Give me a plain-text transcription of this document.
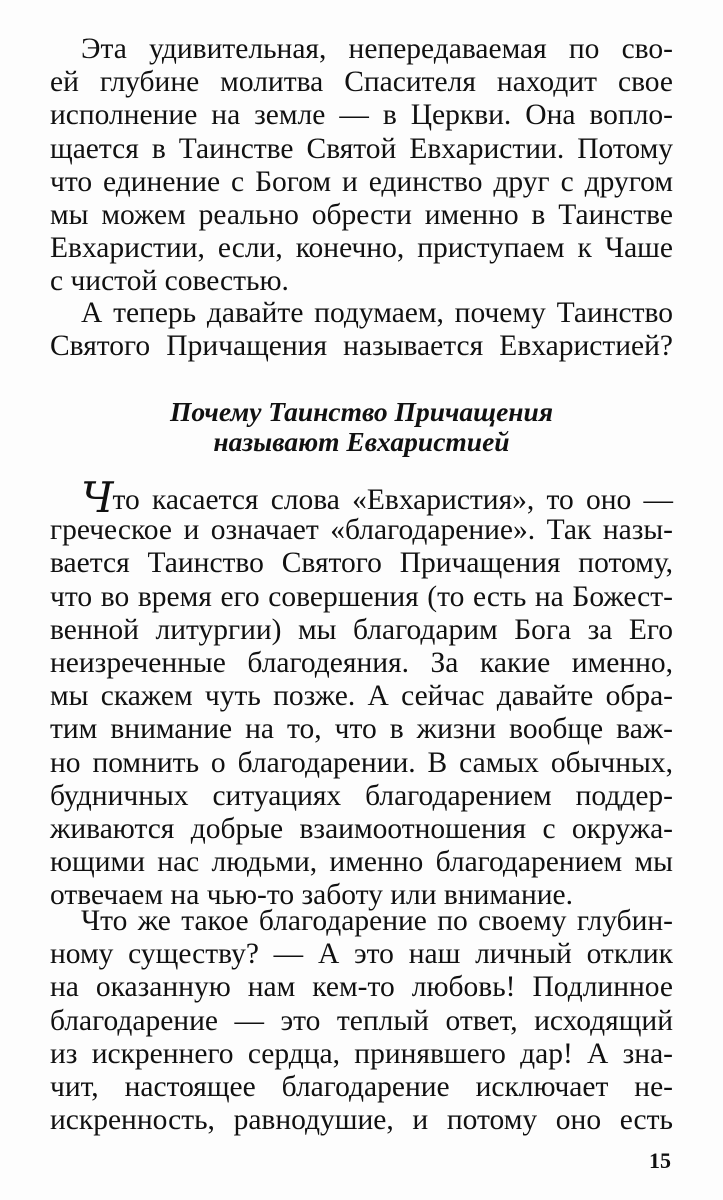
Эта удивительная, непередаваемая по сво-
ей глубине молитва Спасителя находит свое
исполнение на земле — в Церкви. Она вопло-
щается в Таинстве Святой Евхаристии. Потому
что единение с Богом и единство друг с другом
мы можем реально обрести именно в Таинстве
Евхаристии, если, конечно, приступаем к Чаше
с чистой совестью.
А теперь давайте подумаем, почему Таинство
Святого Причащения называется Евхаристией?
Почему Таинство Причащения
называют Евхаристией
Что касается слова «Евхаристия», то оно —
греческое и означает «благодарение». Так назы-
вается Таинство Святого Причащения потому,
что во время его совершения (то есть на Божест-
венной литургии) мы благодарим Бога за Его
неизреченные благодеяния. За какие именно,
мы скажем чуть позже. А сейчас давайте обра-
тим внимание на то, что в жизни вообще важ-
но помнить о благодарении. В самых обычных,
будничных ситуациях благодарением поддер-
живаются добрые взаимоотношения с окружа-
ющими нас людьми, именно благодарением мы
отвечаем на чью-то заботу или внимание.
Что же такое благодарение по своему глубин-
ному существу? — А это наш личный отклик
на оказанную нам кем-то любовь! Подлинное
благодарение — это теплый ответ, исходящий
из искреннего сердца, принявшего дар! А зна-
чит, настоящее благодарение исключает не-
искренность, равнодушие, и потому оно есть
15
